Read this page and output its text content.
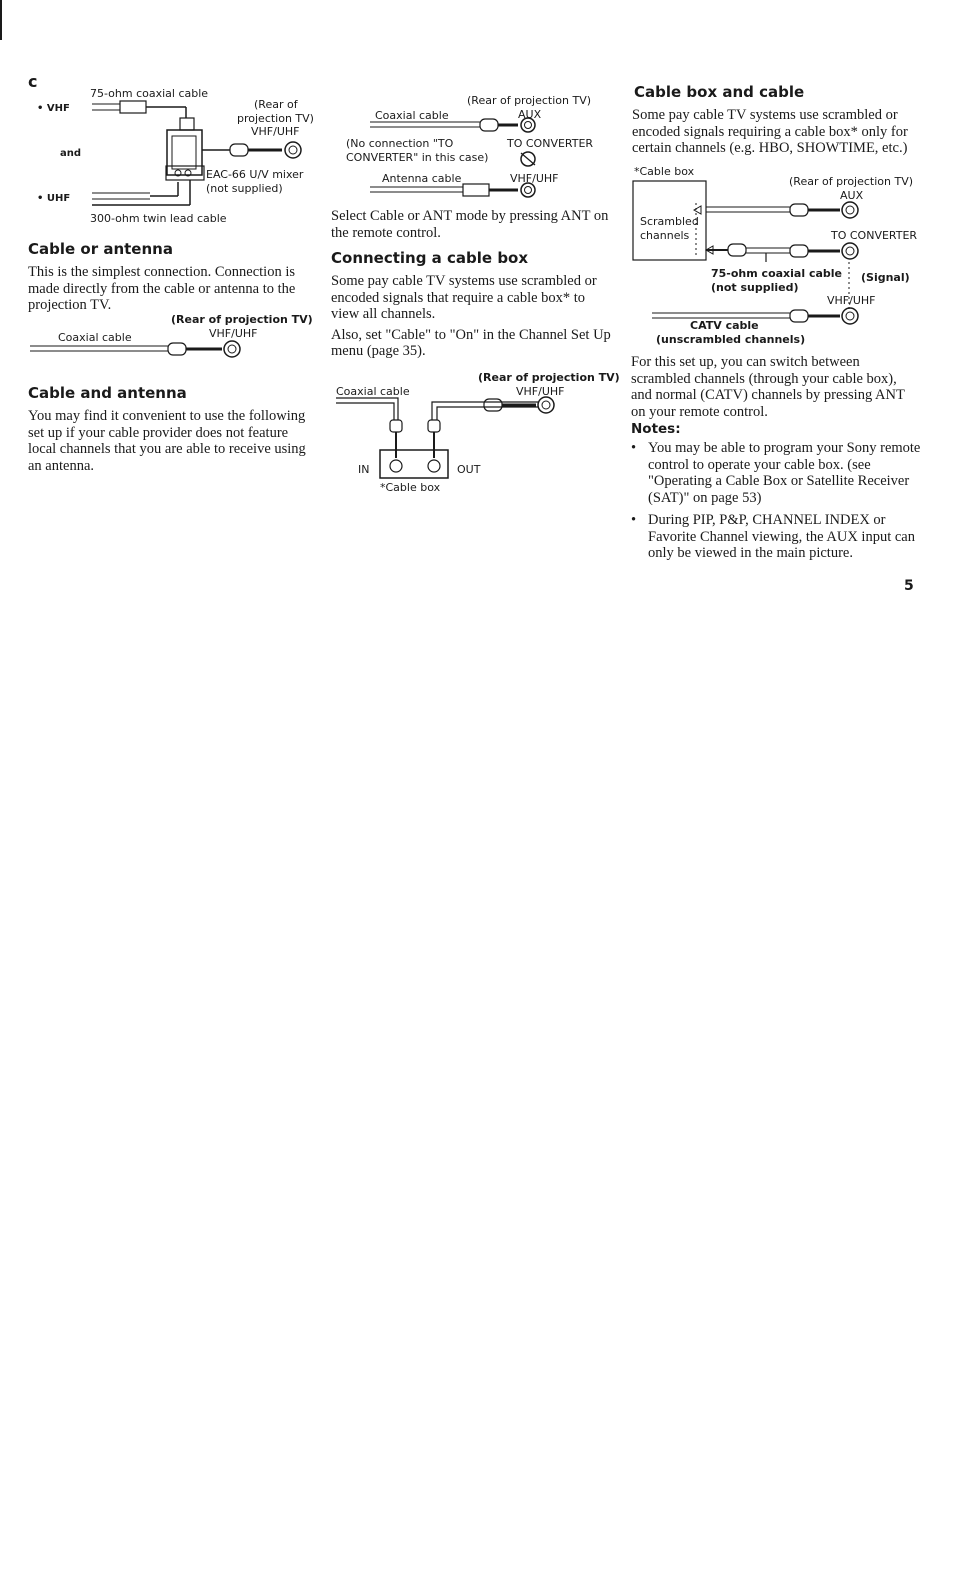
c
75-ohm coaxial cable
• VHF
and
• UHF
(Rear of
projection TV)
VHF/UHF
EAC-66 U/V mixer
(not supplied)
300-ohm twin lead cable
Cable or antenna

This is the simplest connection. Connection is made directly from the cable or antenna to the projection TV.

(Rear of projection TV)
Coaxial cable	VHF/UHF
Cable and antenna

You may find it convenient to use the following set up if your cable provider does not feature local channels that you are able to receive using an antenna.

(Rear of projection TV)
Coaxial cable	AUX
(No connection "TO
CONVERTER" in this case)
TO CONVERTER
Antenna cable	VHF/UHF

Select Cable or ANT mode by pressing ANT on the remote control.

Connecting a cable box

Some pay cable TV systems use scrambled or encoded signals that require a cable box* to view all channels.

Also, set "Cable" to "On" in the Channel Set Up menu (page 35).

(Rear of projection TV)
Coaxial cable	VHF/UHF
IN	OUT
*Cable box
Cable box and cable

Some pay cable TV systems use scrambled or encoded signals requiring a cable box* only for certain channels (e.g. HBO, SHOWTIME, etc.)

*Cable box
(Rear of projection TV)
AUX
Scrambled
channels	TO CONVERTER
75-ohm coaxial cable
(not supplied)
(Signal)
VHF/UHF
CATV cable
(unscrambled channels)

For this set up, you can switch between scrambled channels (through your cable box), and normal (CATV) channels by pressing ANT on your remote control.

Notes:
• You may be able to program your Sony remote control to operate your cable box. (see "Operating a Cable Box or Satellite Receiver (SAT)" on page 53)
• During PIP, P&P, CHANNEL INDEX or Favorite Channel viewing, the AUX input can only be viewed in the main picture.
5
